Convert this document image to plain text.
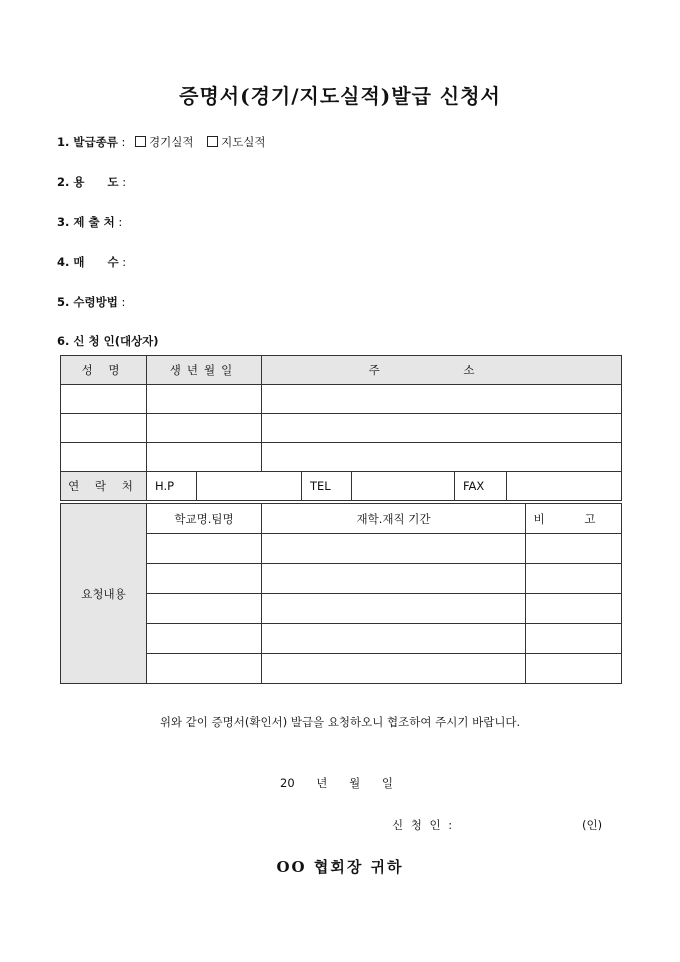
증명서(경기/지도실적)발급 신청서
1. 발급종류 : 경기실적 지도실적
2. 용　　도 :
3. 제 출 처 :
4. 매　　수 :
5. 수령방법 :
6. 신 청 인(대상자)
성 명	생년월일		주 소				

연 락 처	H.P			TEL		FAX	
요청내용	학교명.팀명	재학.재직 기간	비 고

위와 같이 증명서(확인서) 발급을 요청하오니 협조하여 주시기 바랍니다.
20 년 월 일
신 청 인 :	(인)
OO 협회장 귀하
